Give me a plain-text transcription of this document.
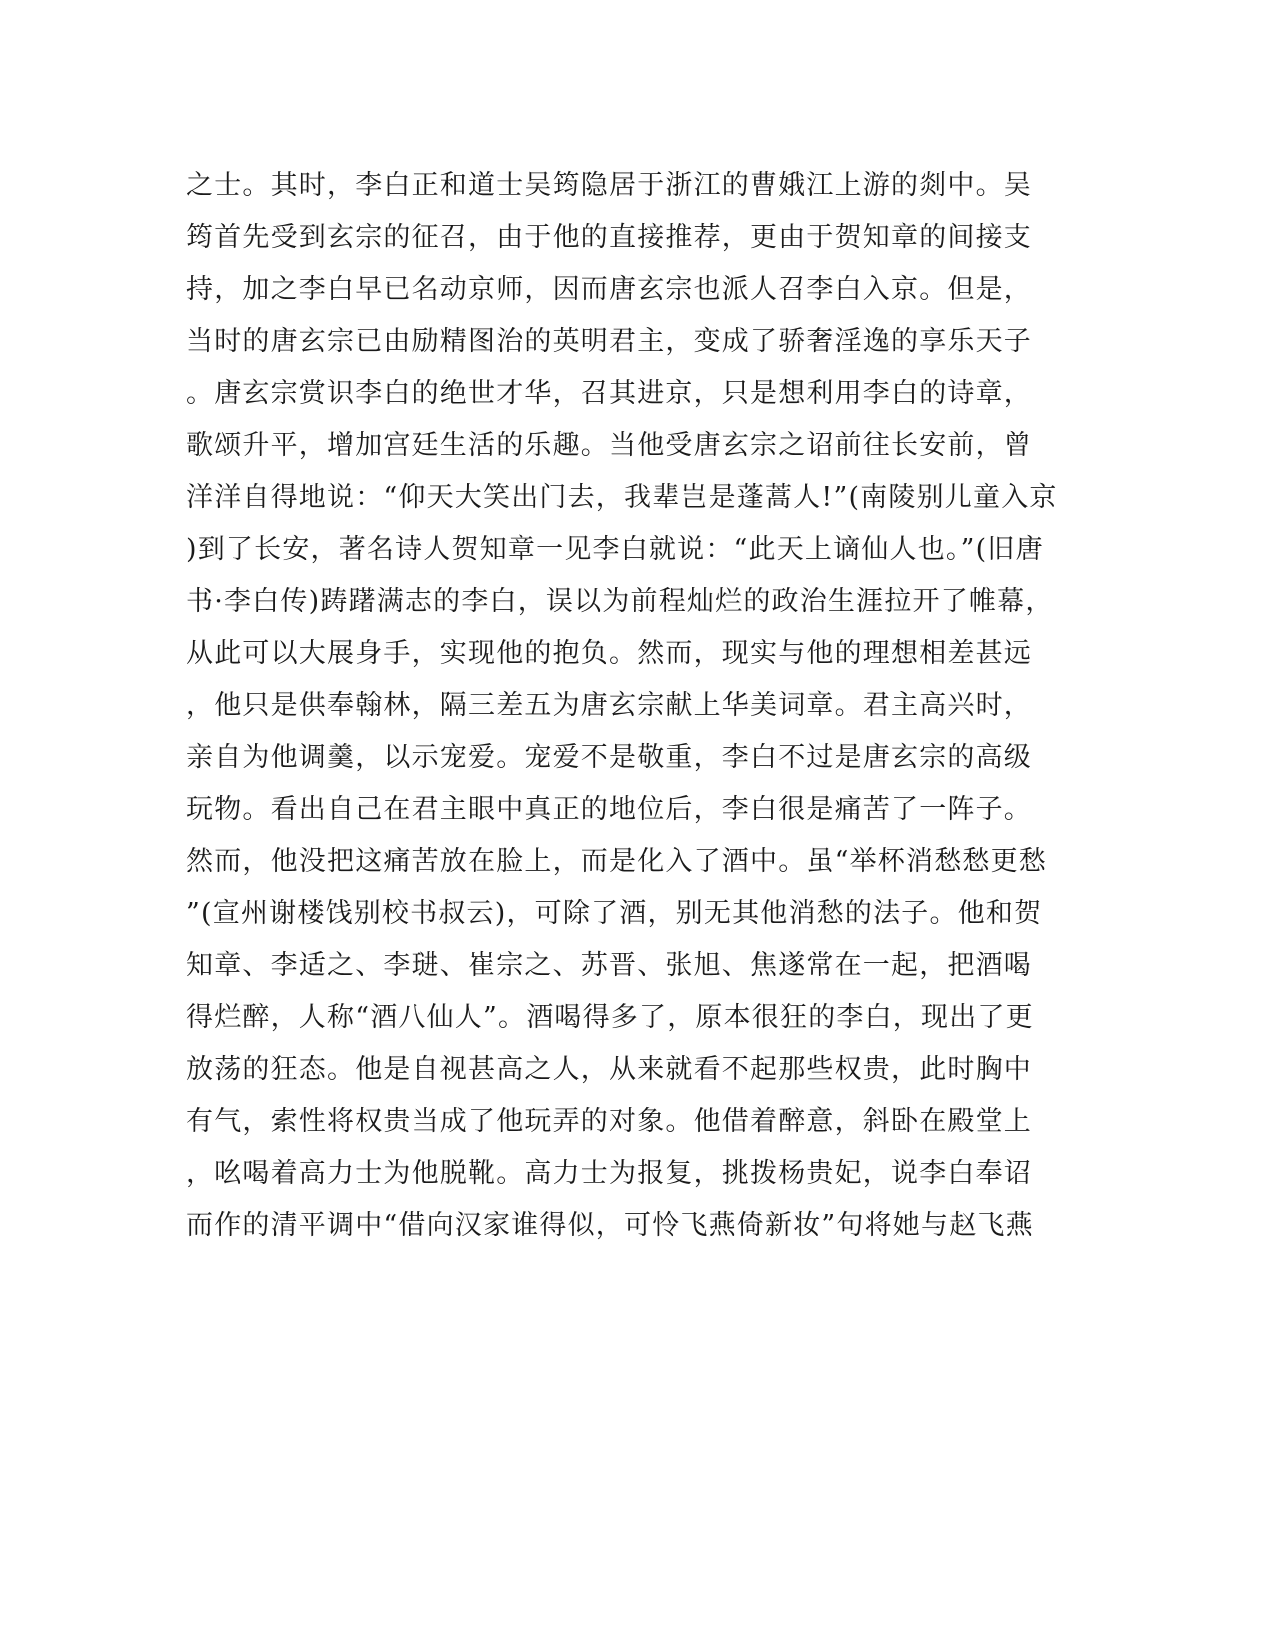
之士。其时，李白正和道士吴筠隐居于浙江的曹娥江上游的剡中。吴
筠首先受到玄宗的征召，由于他的直接推荐，更由于贺知章的间接支
持，加之李白早已名动京师，因而唐玄宗也派人召李白入京。但是，
当时的唐玄宗已由励精图治的英明君主，变成了骄奢淫逸的享乐天子
。唐玄宗赏识李白的绝世才华，召其进京，只是想利用李白的诗章，
歌颂升平，增加宫廷生活的乐趣。当他受唐玄宗之诏前往长安前，曾
洋洋自得地说：“仰天大笑出门去，我辈岂是蓬蒿人!”(南陵别儿童入京
)到了长安，著名诗人贺知章一见李白就说：“此天上谪仙人也。”(旧唐
书·李白传)踌躇满志的李白，误以为前程灿烂的政治生涯拉开了帷幕，
从此可以大展身手，实现他的抱负。然而，现实与他的理想相差甚远
，他只是供奉翰林，隔三差五为唐玄宗献上华美词章。君主高兴时，
亲自为他调羹，以示宠爱。宠爱不是敬重，李白不过是唐玄宗的高级
玩物。看出自己在君主眼中真正的地位后，李白很是痛苦了一阵子。
然而，他没把这痛苦放在脸上，而是化入了酒中。虽“举杯消愁愁更愁
”(宣州谢楼饯别校书叔云)，可除了酒，别无其他消愁的法子。他和贺
知章、李适之、李琎、崔宗之、苏晋、张旭、焦遂常在一起，把酒喝
得烂醉，人称“酒八仙人”。酒喝得多了，原本很狂的李白，现出了更
放荡的狂态。他是自视甚高之人，从来就看不起那些权贵，此时胸中
有气，索性将权贵当成了他玩弄的对象。他借着醉意，斜卧在殿堂上
，吆喝着高力士为他脱靴。高力士为报复，挑拨杨贵妃，说李白奉诏
而作的清平调中“借向汉家谁得似，可怜飞燕倚新妆”句将她与赵飞燕
